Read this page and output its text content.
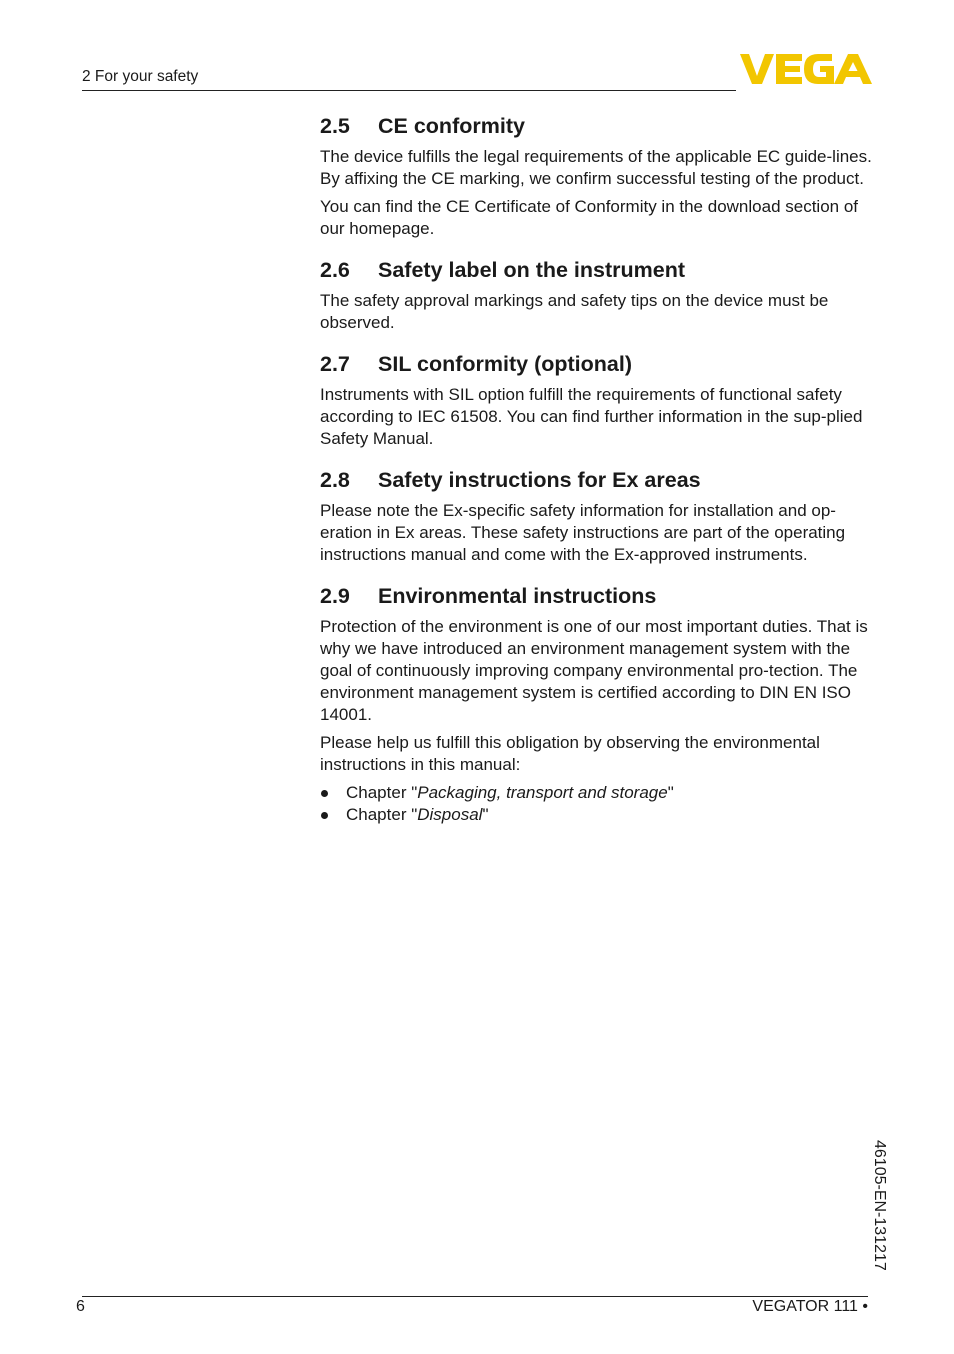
2 For your safety
2.5	CE conformity

The device fulfills the legal requirements of the applicable EC guide-lines. By affixing the CE marking, we confirm successful testing of the product.

You can find the CE Certificate of Conformity in the download section of our homepage.

2.6	Safety label on the instrument

The safety approval markings and safety tips on the device must be observed.

2.7	SIL conformity (optional)

Instruments with SIL option fulfill the requirements of functional safety according to IEC 61508. You can find further information in the sup-plied Safety Manual.

2.8	Safety instructions for Ex areas

Please note the Ex-specific safety information for installation and op-eration in Ex areas. These safety instructions are part of the operating instructions manual and come with the Ex-approved instruments.

2.9	Environmental instructions

Protection of the environment is one of our most important duties. That is why we have introduced an environment management system with the goal of continuously improving company environmental pro-tection. The environment management system is certified according to DIN EN ISO 14001.

Please help us fulfill this obligation by observing the environmental instructions in this manual:

Chapter "Packaging, transport and storage"
Chapter "Disposal"
46105-EN-131217
6	VEGATOR 111 •
